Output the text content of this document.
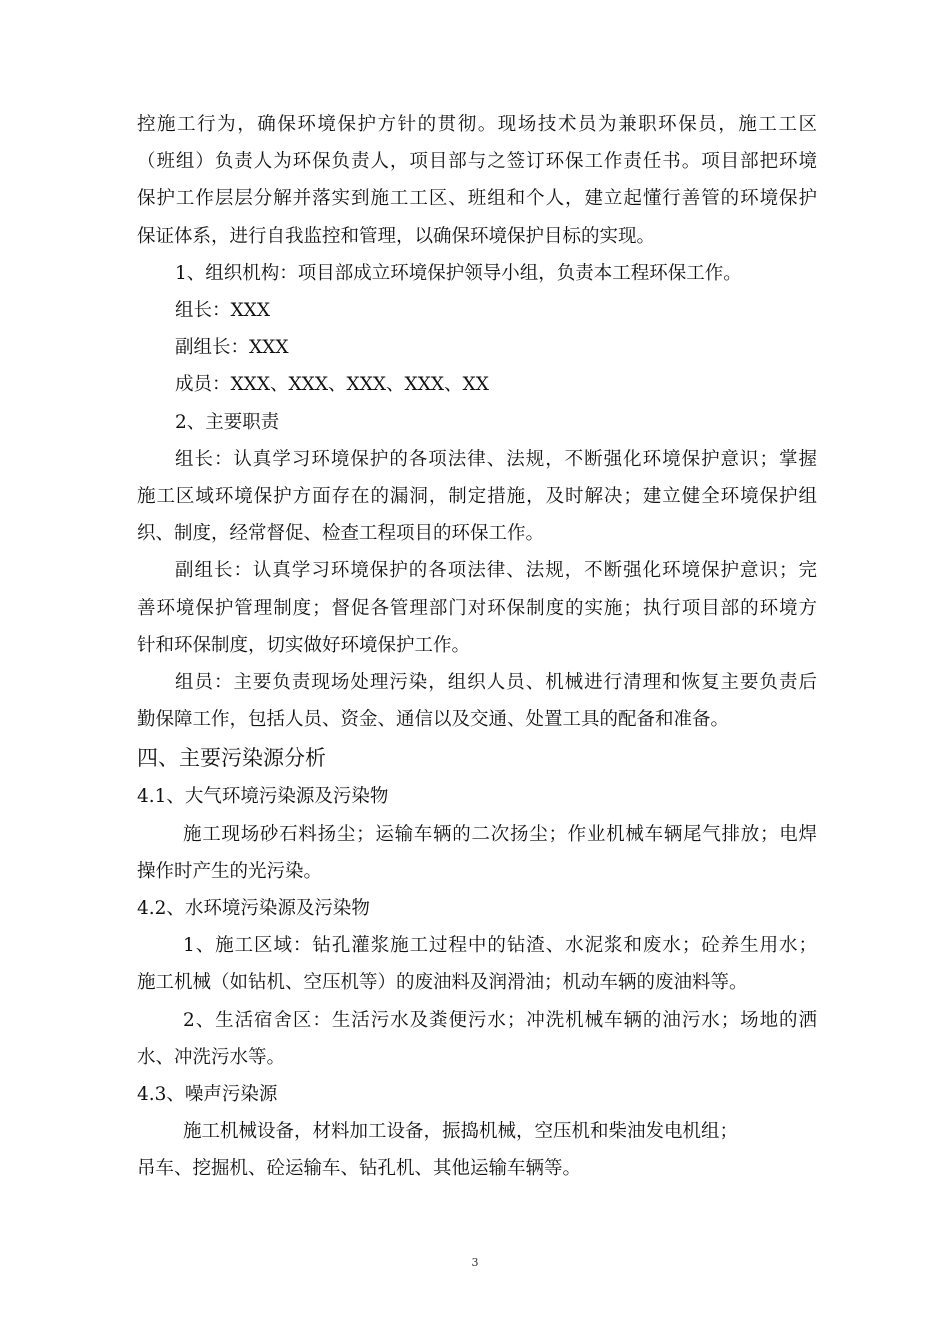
控施工行为，确保环境保护方针的贯彻。现场技术员为兼职环保员，施工工区
（班组）负责人为环保负责人，项目部与之签订环保工作责任书。项目部把环境
保护工作层层分解并落实到施工工区、班组和个人，建立起懂行善管的环境保护
保证体系，进行自我监控和管理，以确保环境保护目标的实现。
1、组织机构：项目部成立环境保护领导小组，负责本工程环保工作。
组长：XXX
副组长：XXX
成员：XXX、XXX、XXX、XXX、XX
2、主要职责
组长：认真学习环境保护的各项法律、法规，不断强化环境保护意识；掌握
施工区域环境保护方面存在的漏洞，制定措施，及时解决；建立健全环境保护组
织、制度，经常督促、检查工程项目的环保工作。
副组长：认真学习环境保护的各项法律、法规，不断强化环境保护意识；完
善环境保护管理制度；督促各管理部门对环保制度的实施；执行项目部的环境方
针和环保制度，切实做好环境保护工作。
组员：主要负责现场处理污染，组织人员、机械进行清理和恢复主要负责后
勤保障工作，包括人员、资金、通信以及交通、处置工具的配备和准备。
四、主要污染源分析
4.1、大气环境污染源及污染物
施工现场砂石料扬尘；运输车辆的二次扬尘；作业机械车辆尾气排放；电焊
操作时产生的光污染。
4.2、水环境污染源及污染物
1、施工区域：钻孔灌浆施工过程中的钻渣、水泥浆和废水；砼养生用水；
施工机械（如钻机、空压机等）的废油料及润滑油；机动车辆的废油料等。
2、生活宿舍区：生活污水及粪便污水；冲洗机械车辆的油污水；场地的洒
水、冲洗污水等。
4.3、噪声污染源
施工机械设备，材料加工设备，振捣机械，空压机和柴油发电机组；
吊车、挖掘机、砼运输车、钻孔机、其他运输车辆等。
3
